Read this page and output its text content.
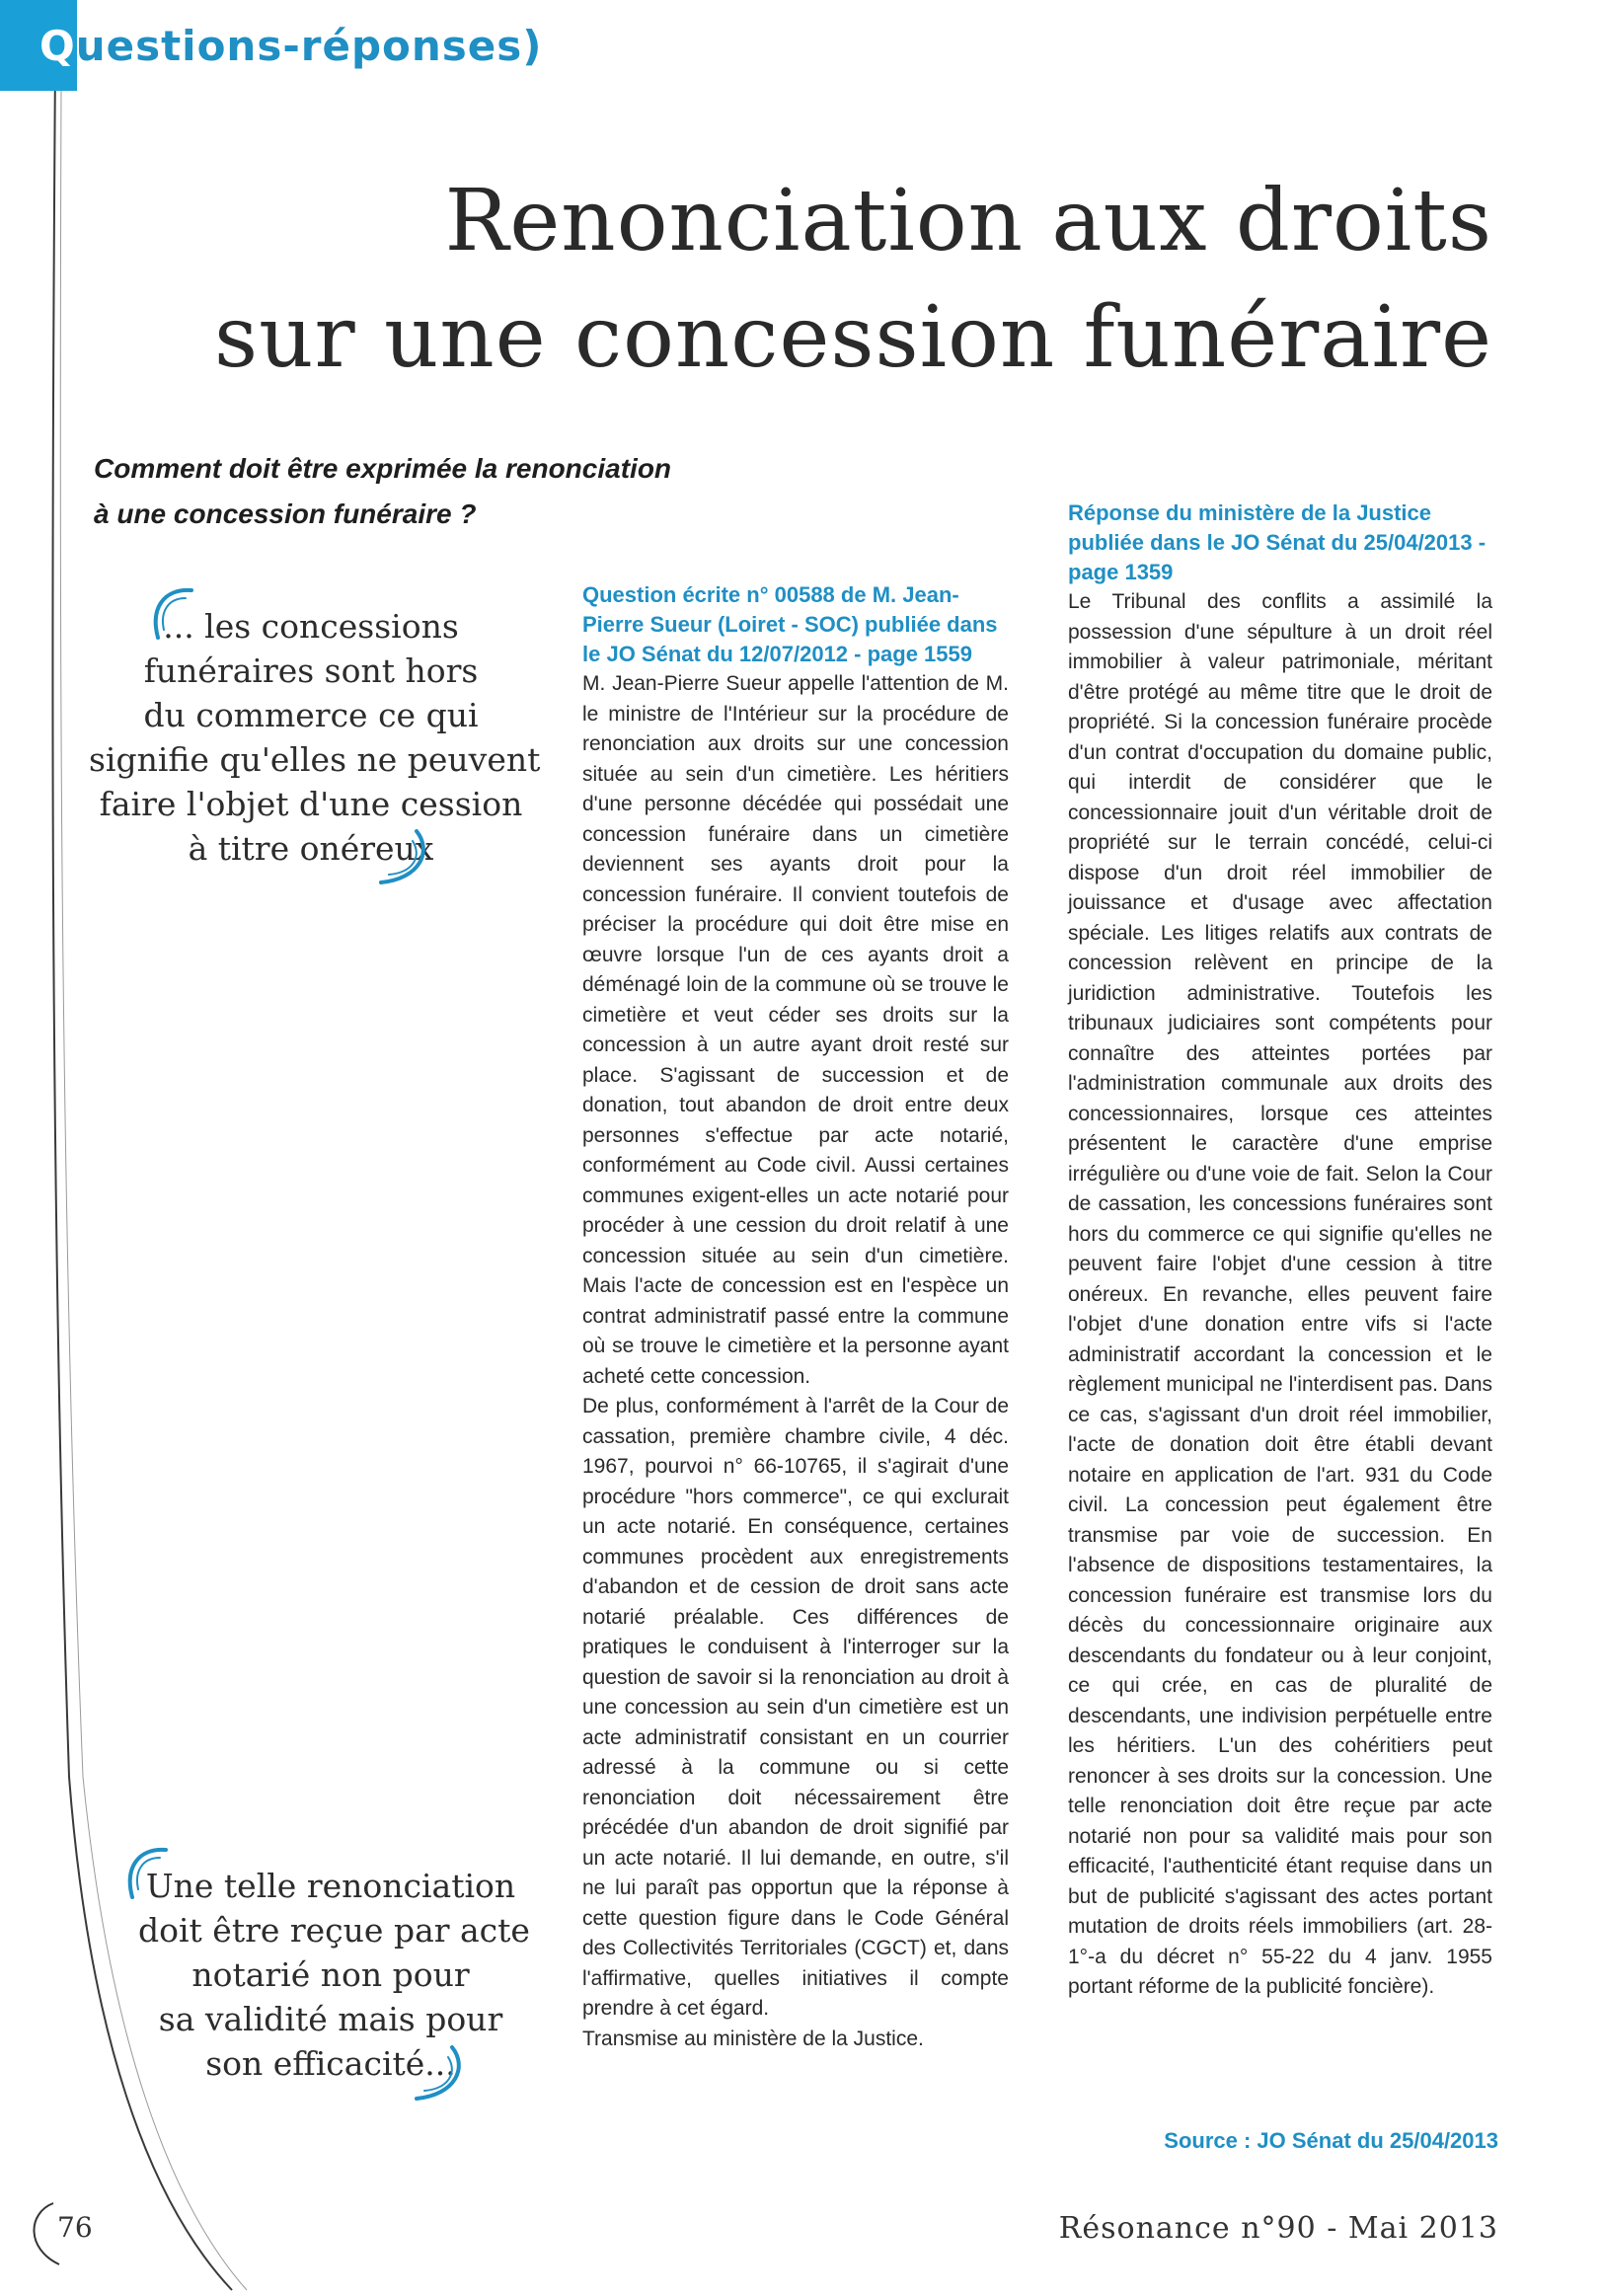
Questions-réponses)
Renonciation aux droits
sur une concession funéraire
Comment doit être exprimée la renonciation
à une concession funéraire ?
... les concessions
funéraires sont hors
du commerce ce qui
signifie qu'elles ne peuvent
faire l'objet d'une cession
à titre onéreux
Une telle renonciation
doit être reçue par acte
notarié non pour
sa validité mais pour
son efficacité...
Question écrite n° 00588 de M. Jean-Pierre Sueur (Loiret - SOC) publiée dans le JO Sénat du 12/07/2012 - page 1559

M. Jean-Pierre Sueur appelle l'attention de M. le ministre de l'Intérieur sur la procédure de renonciation aux droits sur une concession située au sein d'un cimetière. Les héritiers d'une personne décédée qui possédait une concession funéraire dans un cimetière deviennent ses ayants droit pour la concession funéraire. Il convient toutefois de préciser la procédure qui doit être mise en œuvre lorsque l'un de ces ayants droit a déménagé loin de la commune où se trouve le cimetière et veut céder ses droits sur la concession à un autre ayant droit resté sur place. S'agissant de succession et de donation, tout abandon de droit entre deux personnes s'effectue par acte notarié, conformément au Code civil. Aussi certaines communes exigent-elles un acte notarié pour procéder à une cession du droit relatif à une concession située au sein d'un cimetière. Mais l'acte de concession est en l'espèce un contrat administratif passé entre la commune où se trouve le cimetière et la personne ayant acheté cette concession.

De plus, conformément à l'arrêt de la Cour de cassation, première chambre civile, 4 déc. 1967, pourvoi n° 66-10765, il s'agirait d'une procédure "hors commerce", ce qui exclurait un acte notarié. En conséquence, certaines communes procèdent aux enregistrements d'abandon et de cession de droit sans acte notarié préalable. Ces différences de pratiques le conduisent à l'interroger sur la question de savoir si la renonciation au droit à une concession au sein d'un cimetière est un acte administratif consistant en un courrier adressé à la commune ou si cette renonciation doit nécessairement être précédée d'un abandon de droit signifié par un acte notarié. Il lui demande, en outre, s'il ne lui paraît pas opportun que la réponse à cette question figure dans le Code Général des Collectivités Territoriales (CGCT) et, dans l'affirmative, quelles initiatives il compte prendre à cet égard.

Transmise au ministère de la Justice.

Réponse du ministère de la Justice publiée dans le JO Sénat du 25/04/2013 - page 1359

Le Tribunal des conflits a assimilé la possession d'une sépulture à un droit réel immobilier à valeur patrimoniale, méritant d'être protégé au même titre que le droit de propriété. Si la concession funéraire procède d'un contrat d'occupation du domaine public, qui interdit de considérer que le concessionnaire jouit d'un véritable droit de propriété sur le terrain concédé, celui-ci dispose d'un droit réel immobilier de jouissance et d'usage avec affectation spéciale. Les litiges relatifs aux contrats de concession relèvent en principe de la juridiction administrative. Toutefois les tribunaux judiciaires sont compétents pour connaître des atteintes portées par l'administration communale aux droits des concessionnaires, lorsque ces atteintes présentent le caractère d'une emprise irrégulière ou d'une voie de fait. Selon la Cour de cassation, les concessions funéraires sont hors du commerce ce qui signifie qu'elles ne peuvent faire l'objet d'une cession à titre onéreux. En revanche, elles peuvent faire l'objet d'une donation entre vifs si l'acte administratif accordant la concession et le règlement municipal ne l'interdisent pas. Dans ce cas, s'agissant d'un droit réel immobilier, l'acte de donation doit être établi devant notaire en application de l'art. 931 du Code civil. La concession peut également être transmise par voie de succession. En l'absence de dispositions testamentaires, la concession funéraire est transmise lors du décès du concessionnaire originaire aux descendants du fondateur ou à leur conjoint, ce qui crée, en cas de pluralité de descendants, une indivision perpétuelle entre les héritiers. L'un des cohéritiers peut renoncer à ses droits sur la concession. Une telle renonciation doit être reçue par acte notarié non pour sa validité mais pour son efficacité, l'authenticité étant requise dans un but de publicité s'agissant des actes portant mutation de droits réels immobiliers (art. 28-1°-a du décret n° 55-22 du 4 janv. 1955 portant réforme de la publicité foncière).

Source : JO Sénat du 25/04/2013
76	Résonance n°90 - Mai 2013
